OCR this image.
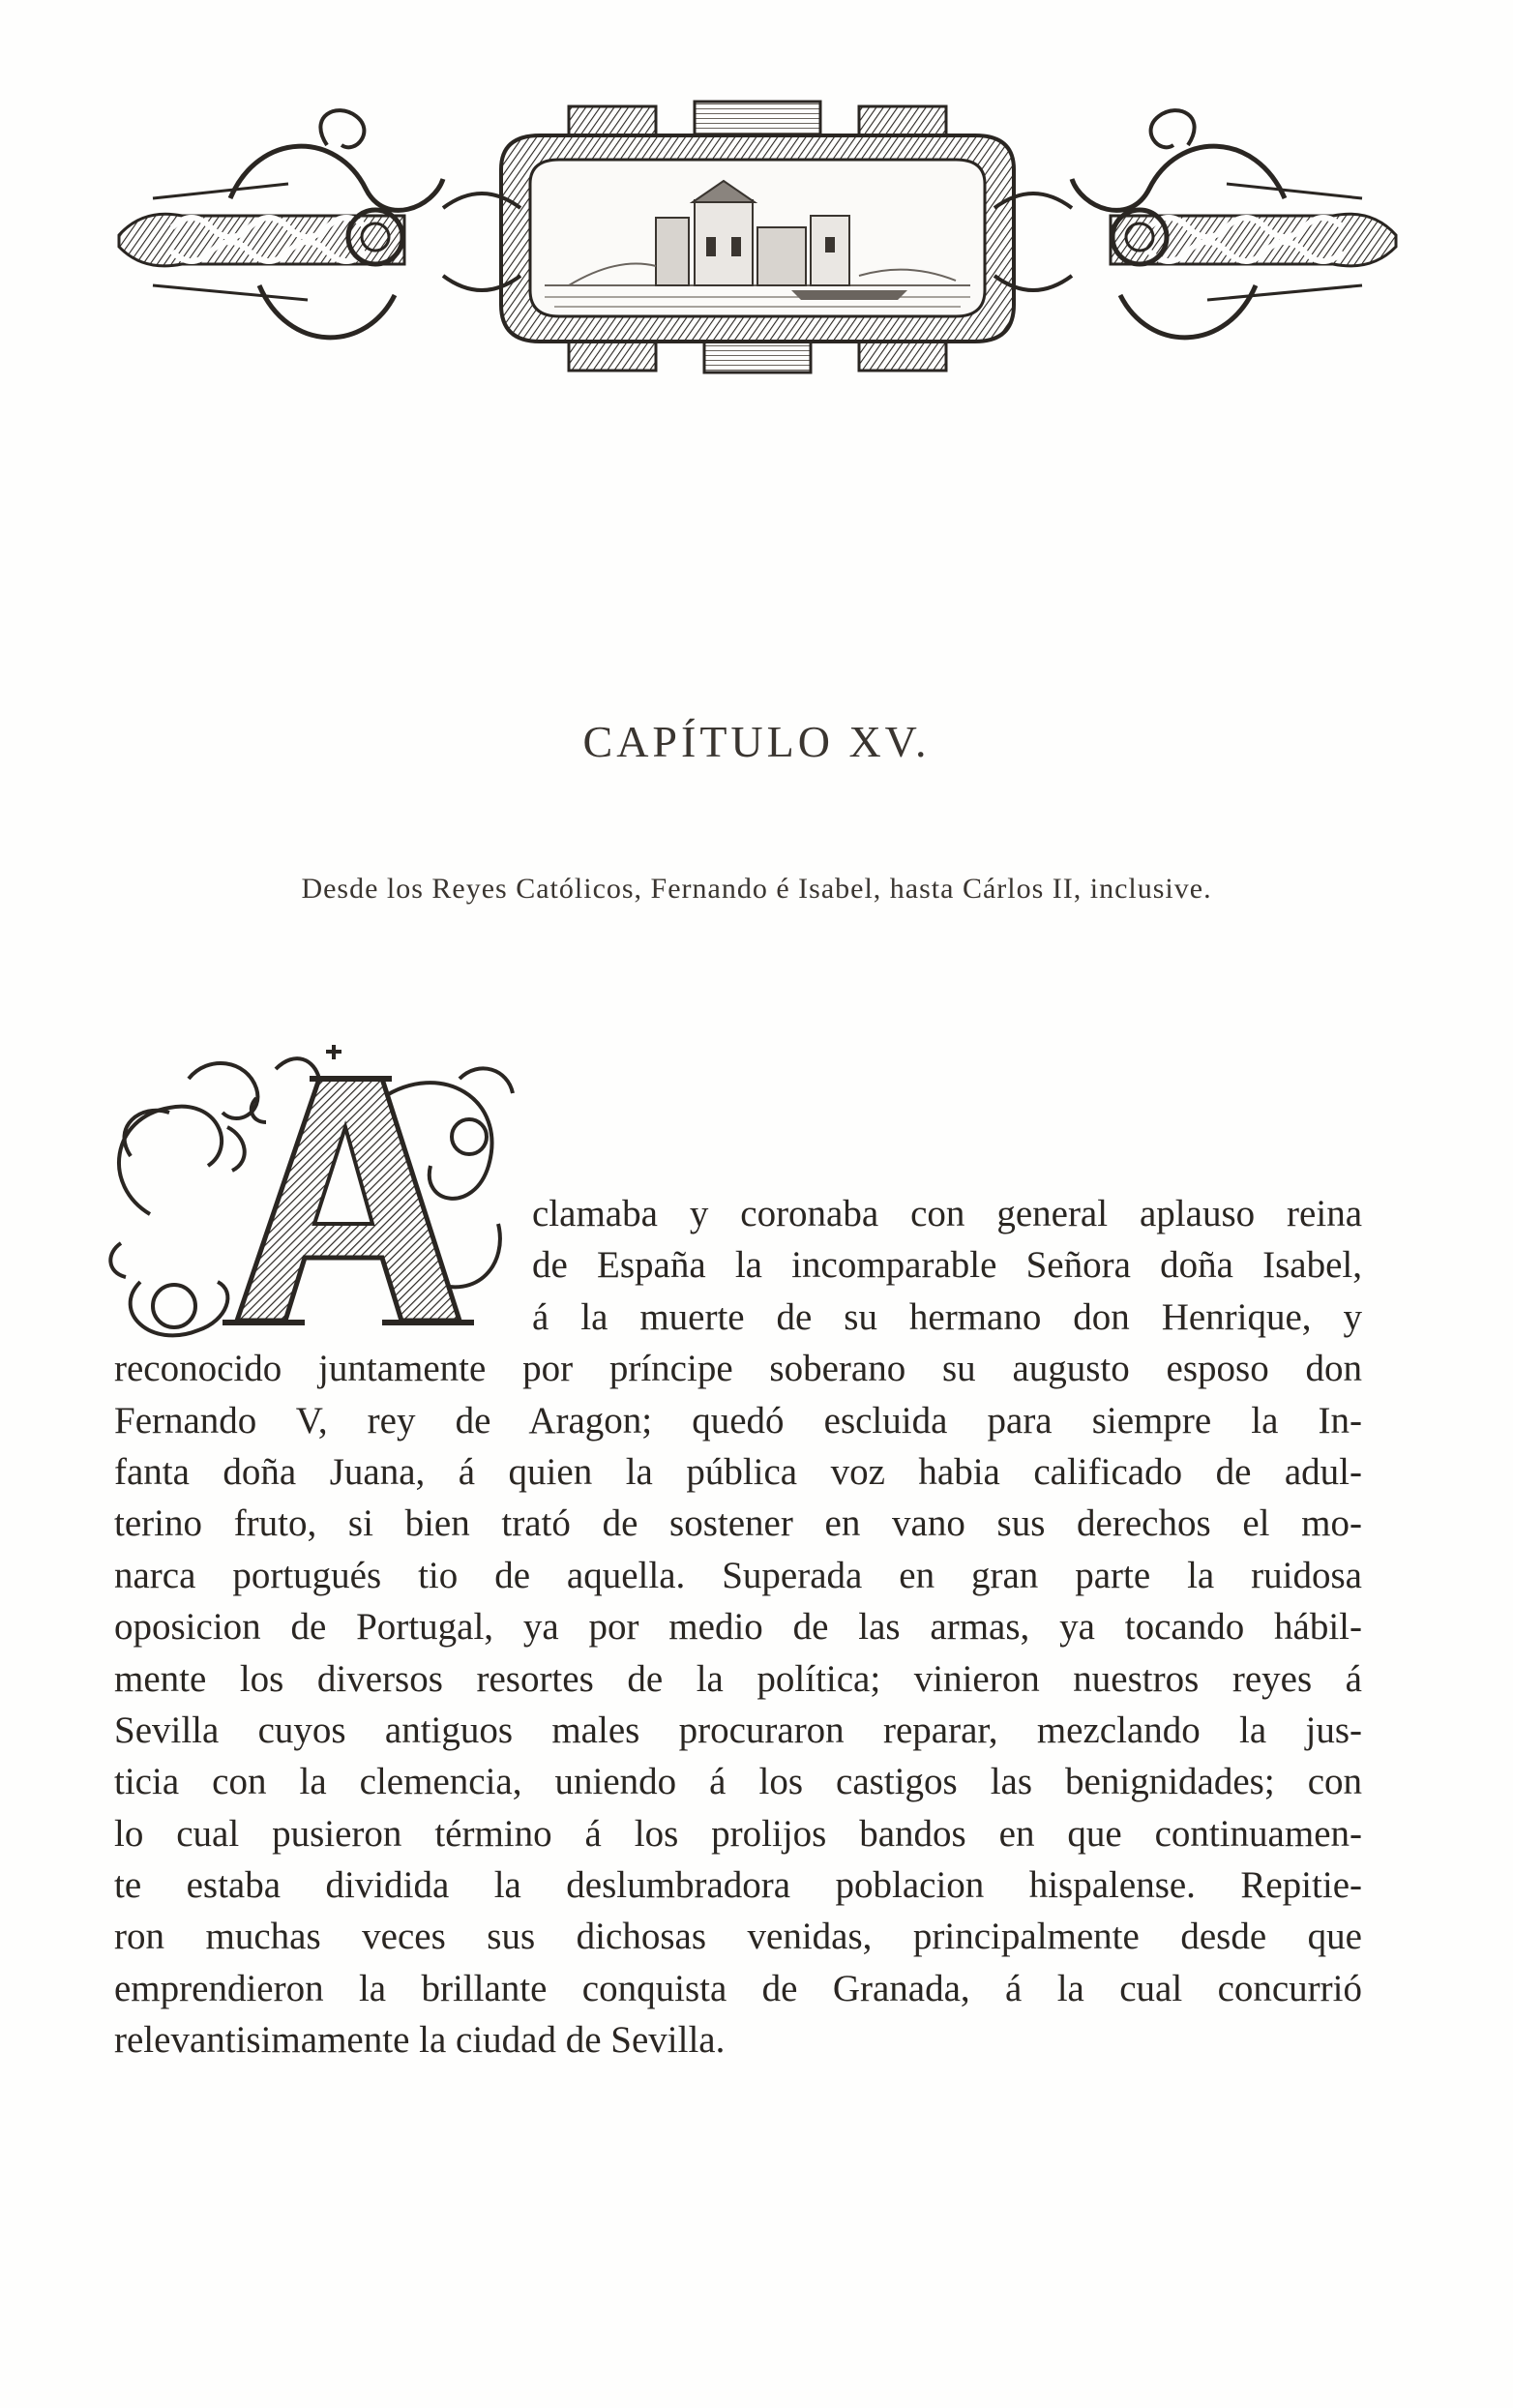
CAPÍTULO XV.
Desde los Reyes Católicos, Fernando é Isabel, hasta Cárlos II, inclusive.
clamaba y coronaba con general aplauso reina
de España la incomparable Señora doña Isabel,
á la muerte de su hermano don Henrique, y
reconocido juntamente por príncipe soberano su augusto esposo don
Fernando V, rey de Aragon; quedó escluida para siempre la In-
fanta doña Juana, á quien la pública voz habia calificado de adul-
terino fruto, si bien trató de sostener en vano sus derechos el mo-
narca portugués tio de aquella. Superada en gran parte la ruidosa
oposicion de Portugal, ya por medio de las armas, ya tocando hábil-
mente los diversos resortes de la política; vinieron nuestros reyes á
Sevilla cuyos antiguos males procuraron reparar, mezclando la jus-
ticia con la clemencia, uniendo á los castigos las benignidades; con
lo cual pusieron término á los prolijos bandos en que continuamen-
te estaba dividida la deslumbradora poblacion hispalense. Repitie-
ron muchas veces sus dichosas venidas, principalmente desde que
emprendieron la brillante conquista de Granada, á la cual concurrió
relevantisimamente la ciudad de Sevilla.
